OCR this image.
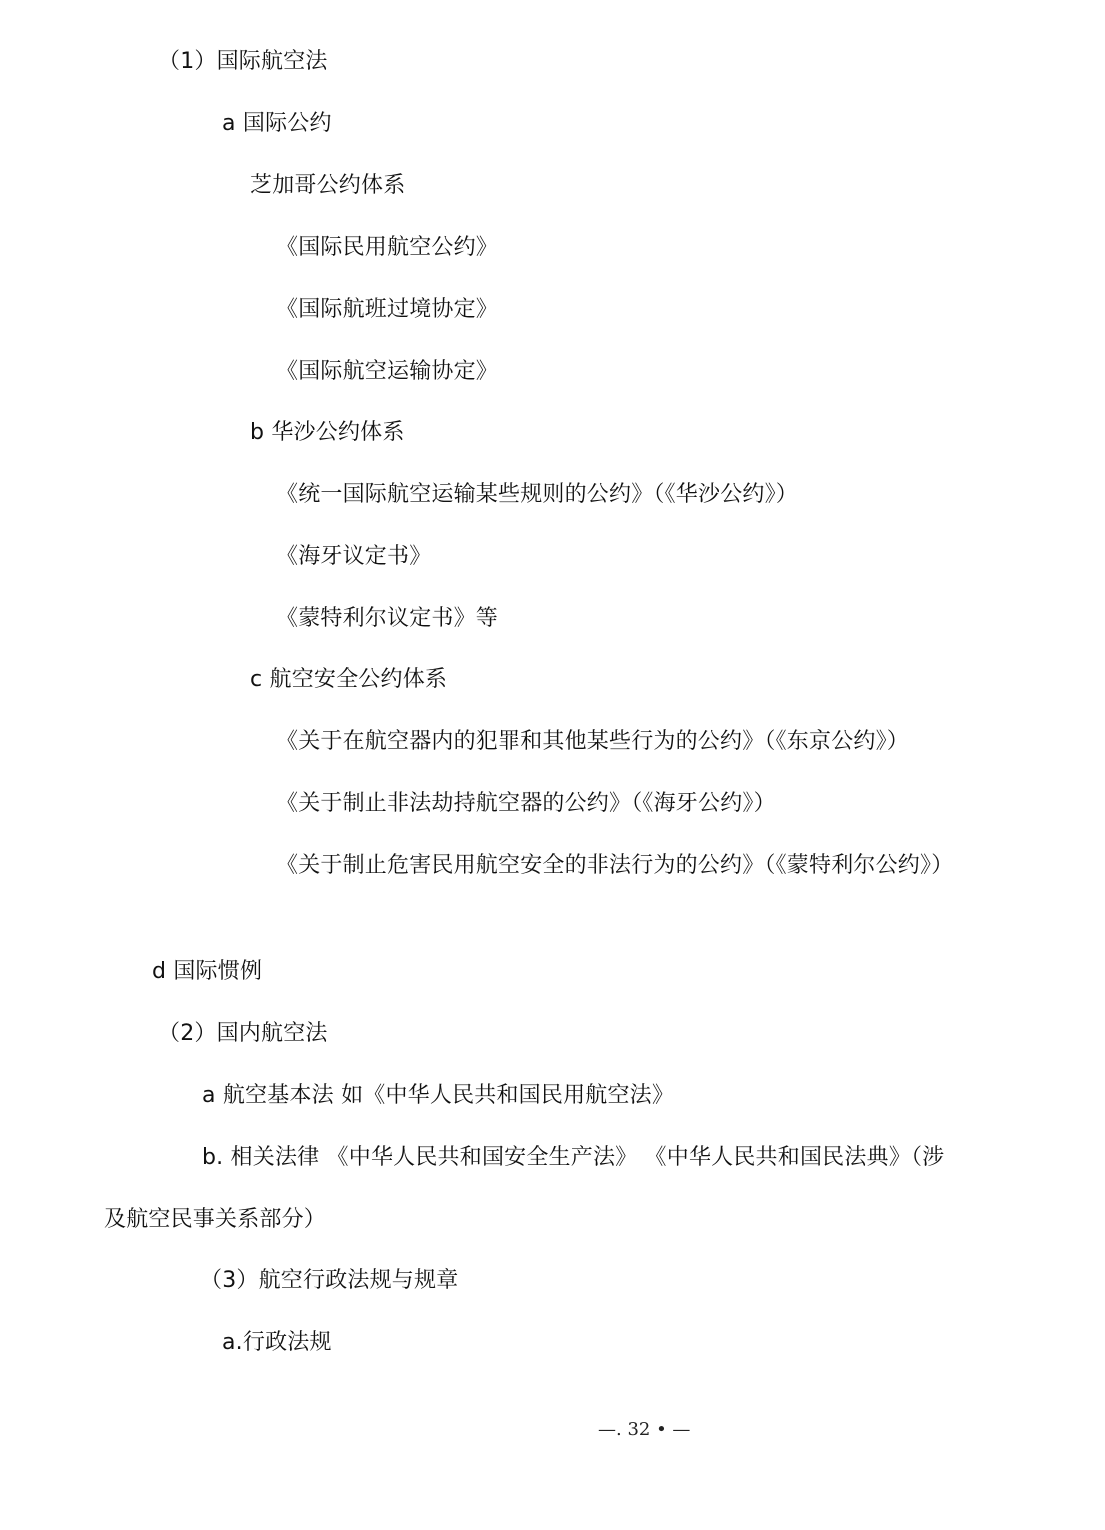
（1）国际航空法
a 国际公约
芝加哥公约体系
《国际民用航空公约》
《国际航班过境协定》
《国际航空运输协定》
b 华沙公约体系
《统一国际航空运输某些规则的公约》（《华沙公约》）
《海牙议定书》
《蒙特利尔议定书》等
c 航空安全公约体系
《关于在航空器内的犯罪和其他某些行为的公约》（《东京公约》）
《关于制止非法劫持航空器的公约》（《海牙公约》）
《关于制止危害民用航空安全的非法行为的公约》（《蒙特利尔公约》）
d 国际惯例
（2）国内航空法
a 航空基本法 如《中华人民共和国民用航空法》
b. 相关法律 《中华人民共和国安全生产法》 《中华人民共和国民法典》（涉
及航空民事关系部分）
（3）航空行政法规与规章
a.行政法规
—. 32 • —
